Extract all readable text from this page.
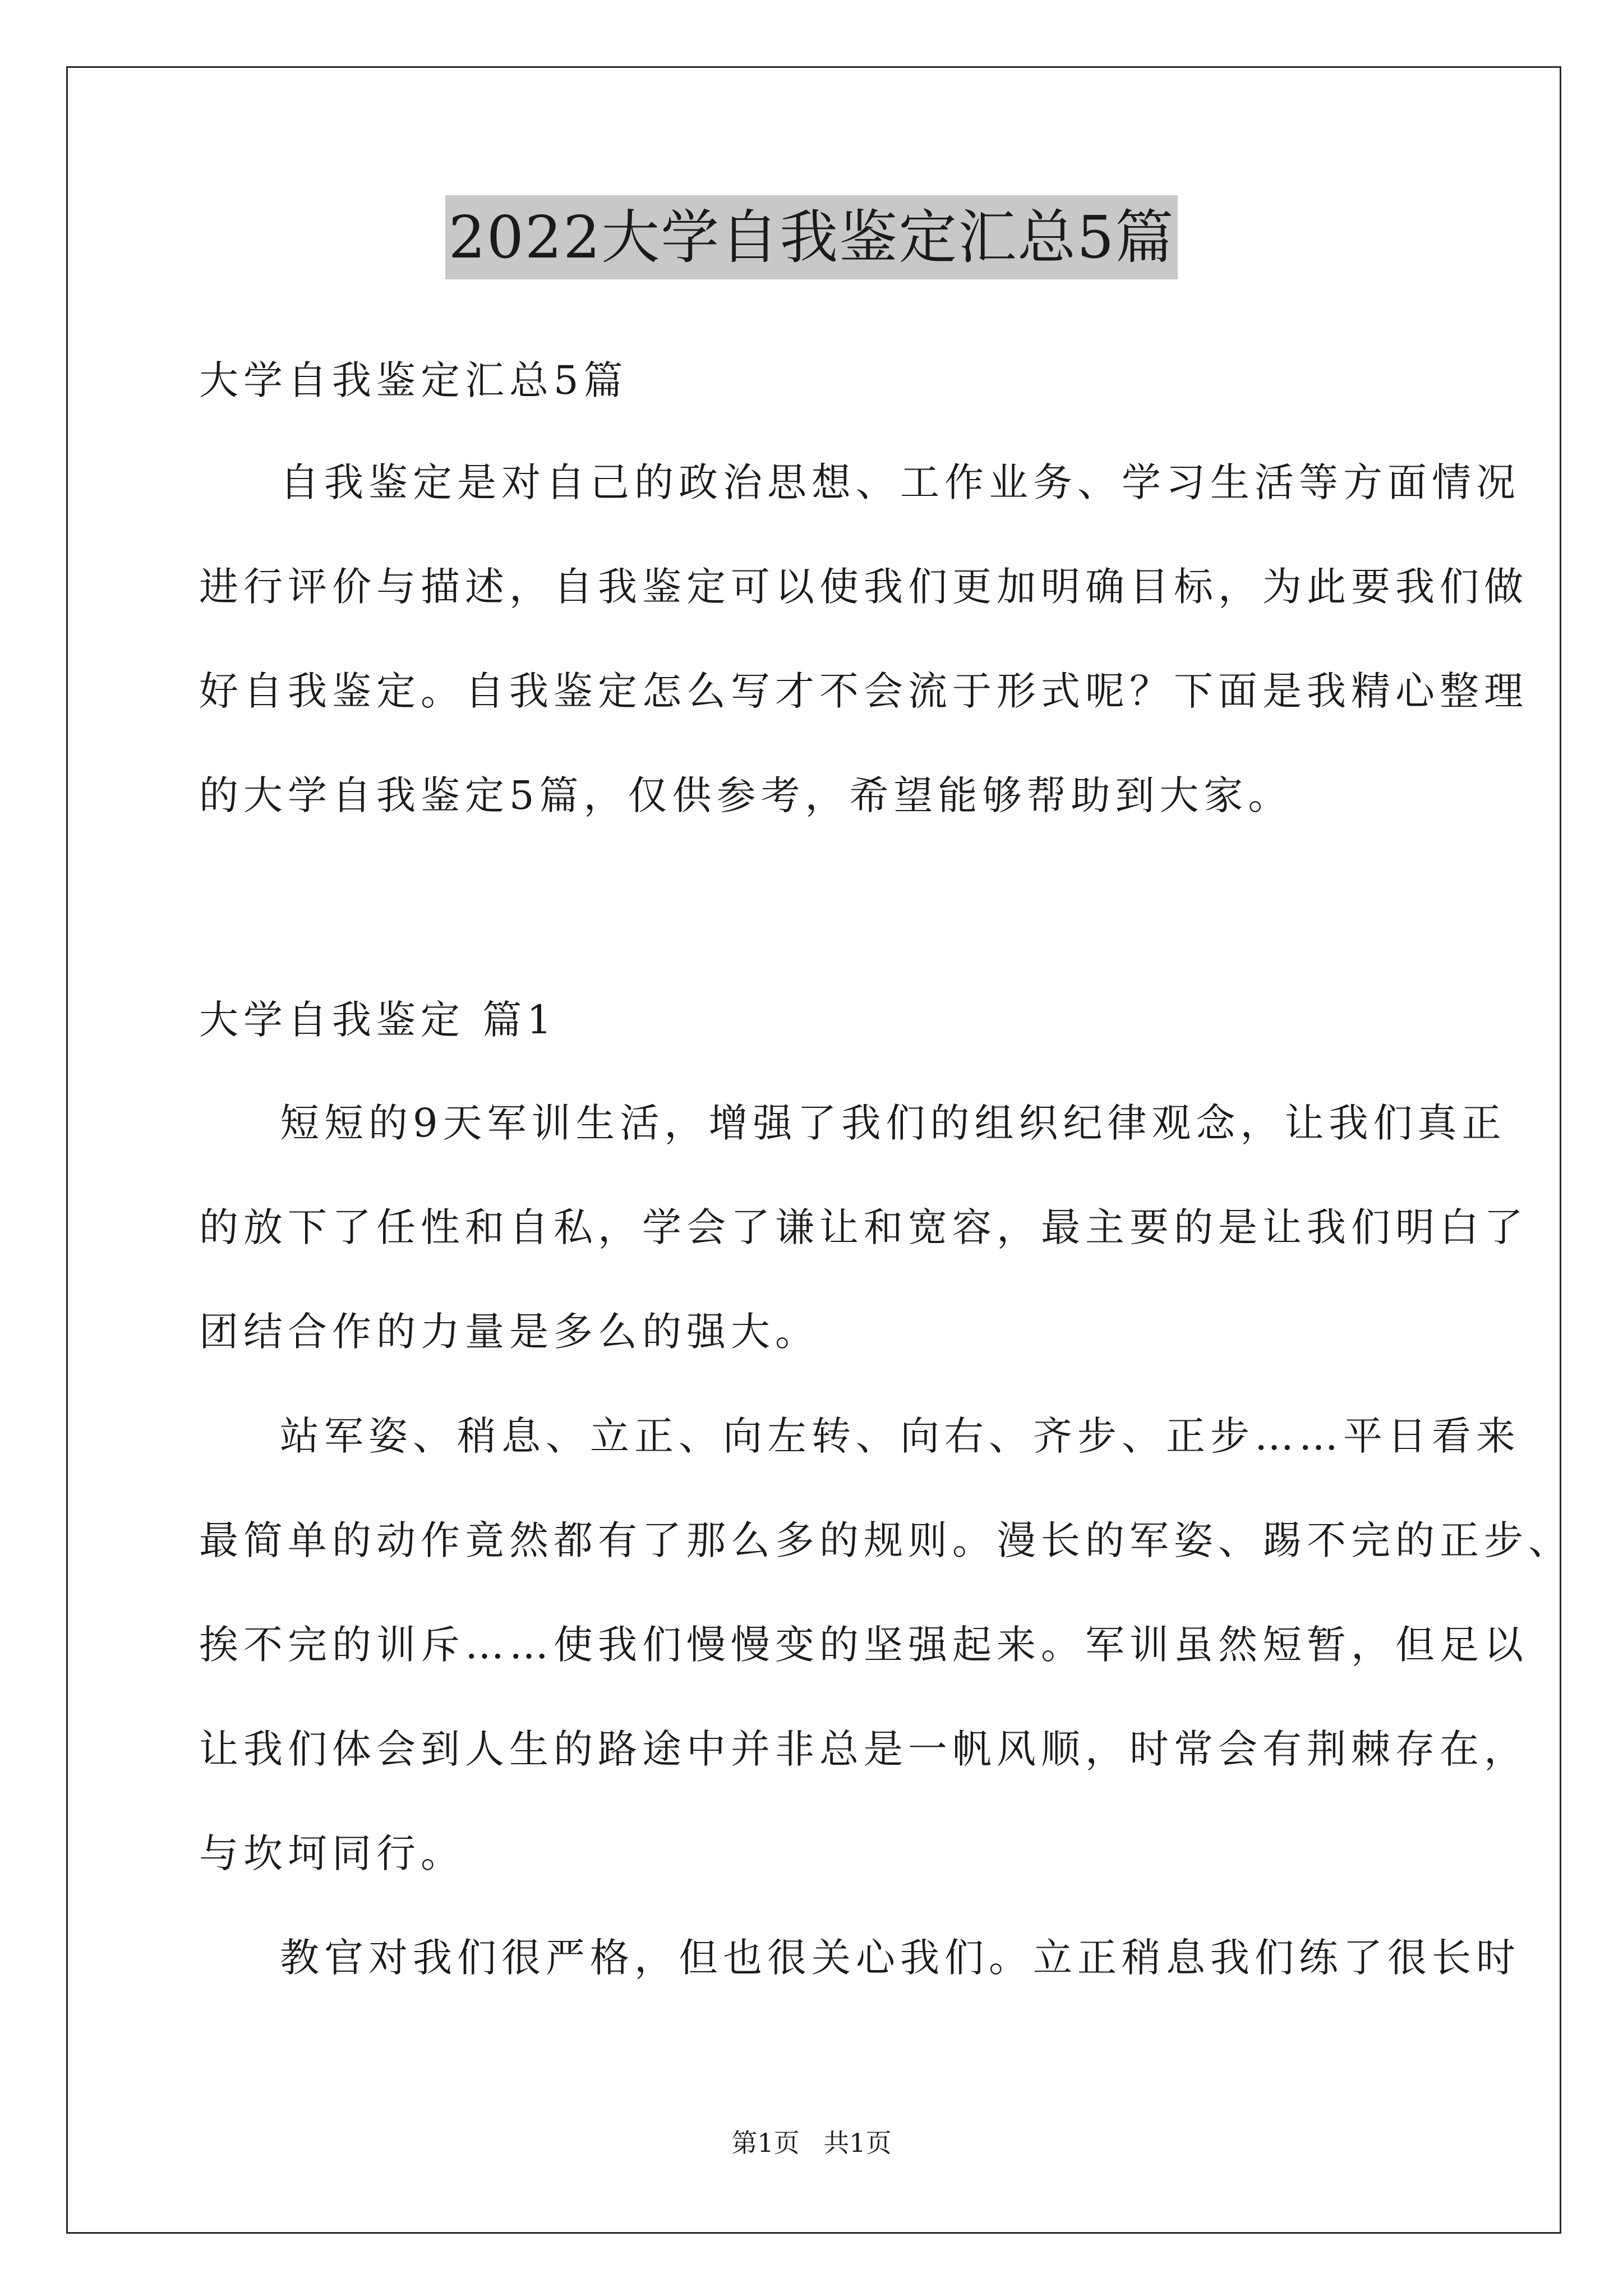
2022大学自我鉴定汇总5篇
大学自我鉴定汇总5篇
自我鉴定是对自己的政治思想、工作业务、学习生活等方面情况
进行评价与描述，自我鉴定可以使我们更加明确目标，为此要我们做
好自我鉴定。自我鉴定怎么写才不会流于形式呢？下面是我精心整理
的大学自我鉴定5篇，仅供参考，希望能够帮助到大家。
大学自我鉴定 篇1
短短的9天军训生活，增强了我们的组织纪律观念，让我们真正
的放下了任性和自私，学会了谦让和宽容，最主要的是让我们明白了
团结合作的力量是多么的强大。
站军姿、稍息、立正、向左转、向右、齐步、正步……平日看来
最简单的动作竟然都有了那么多的规则。漫长的军姿、踢不完的正步、
挨不完的训斥……使我们慢慢变的坚强起来。军训虽然短暂，但足以
让我们体会到人生的路途中并非总是一帆风顺，时常会有荆棘存在，
与坎坷同行。
教官对我们很严格，但也很关心我们。立正稍息我们练了很长时
第1页 共1页
